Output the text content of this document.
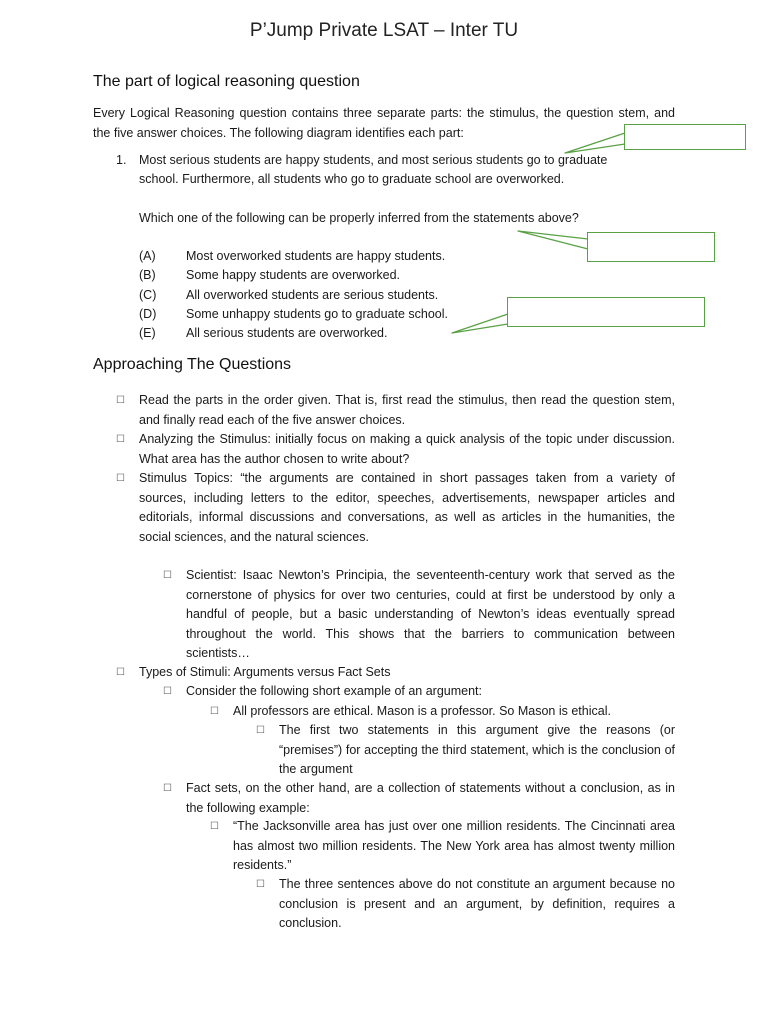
P’Jump Private LSAT – Inter TU
The part of logical reasoning question
Every Logical Reasoning question contains three separate parts: the stimulus, the question stem, and the five answer choices. The following diagram identifies each part:
1. Most serious students are happy students, and most serious students go to graduate
school. Furthermore, all students who go to graduate school are overworked.
Which one of the following can be properly inferred from the statements above?
(A) Most overworked students are happy students.
(B) Some happy students are overworked.
(C) All overworked students are serious students.
(D) Some unhappy students go to graduate school.
(E) All serious students are overworked.
Approaching The Questions
☐ Read the parts in the order given. That is, first read the stimulus, then read the question stem, and finally read each of the five answer choices.
☐ Analyzing the Stimulus: initially focus on making a quick analysis of the topic under discussion. What area has the author chosen to write about?
☐ Stimulus Topics: “the arguments are contained in short passages taken from a variety of sources, including letters to the editor, speeches, advertisements, newspaper articles and editorials, informal discussions and conversations, as well as articles in the humanities, the social sciences, and the natural sciences.
☐ Scientist: Isaac Newton’s Principia, the seventeenth-century work that served as the cornerstone of physics for over two centuries, could at first be understood by only a handful of people, but a basic understanding of Newton’s ideas eventually spread throughout the world. This shows that the barriers to communication between scientists…
☐ Types of Stimuli: Arguments versus Fact Sets
☐ Consider the following short example of an argument:
☐ All professors are ethical. Mason is a professor. So Mason is ethical.
☐ The first two statements in this argument give the reasons (or “premises”) for accepting the third statement, which is the conclusion of the argument
☐ Fact sets, on the other hand, are a collection of statements without a conclusion, as in the following example:
☐ “The Jacksonville area has just over one million residents. The Cincinnati area has almost two million residents. The New York area has almost twenty million residents.”
☐ The three sentences above do not constitute an argument because no conclusion is present and an argument, by definition, requires a conclusion.
